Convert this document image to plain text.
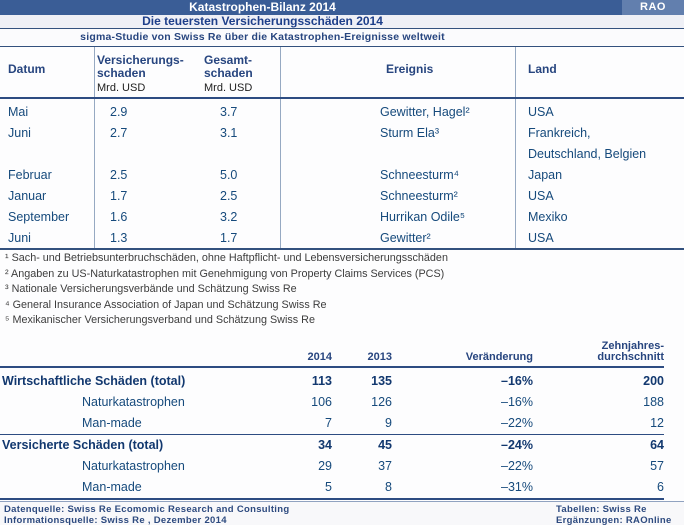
Katastrophen-Bilanz 2014	RAO
Die teuersten Versicherungsschäden 2014
sigma-Studie von Swiss Re über die Katastrophen-Ereignisse weltweit
Datum
Versicherungs-
schaden
Mrd. USD
Gesamt-
schaden
Mrd. USD
Ereignis	Land
Mai	2.9	3.7	Gewitter, Hagel²	USA
Juni	2.7	3.1	Sturm Ela³	Frankreich,
Deutschland, Belgien
Februar	2.5	5.0	Schneesturm⁴	Japan
Januar	1.7	2.5	Schneesturm²	USA
September	1.6	3.2	Hurrikan Odile⁵	Mexiko
Juni	1.3	1.7	Gewitter²	USA
¹ Sach- und Betriebsunterbruchschäden, ohne Haftpflicht- und Lebensversicherungsschäden
² Angaben zu US-Naturkatastrophen mit Genehmigung von Property Claims Services (PCS)
³ Nationale Versicherungsverbände und Schätzung Swiss Re
⁴ General Insurance Association of Japan und Schätzung Swiss Re
⁵ Mexikanischer Versicherungsverband und Schätzung Swiss Re
2014	2013	Veränderung
Zehnjahres-
durchschnitt
Wirtschaftliche Schäden (total)	113	135	–16%	200
Naturkatastrophen	106	126	–16%	188
Man-made	7	9	–22%	12
Versicherte Schäden (total)	34	45	–24%	64
Naturkatastrophen	29	37	–22%	57
Man-made	5	8	–31%	6
Datenquelle: Swiss Re Ecomomic Research and Consulting
Informationsquelle: Swiss Re , Dezember 2014
Tabellen: Swiss Re
Ergänzungen: RAOnline
